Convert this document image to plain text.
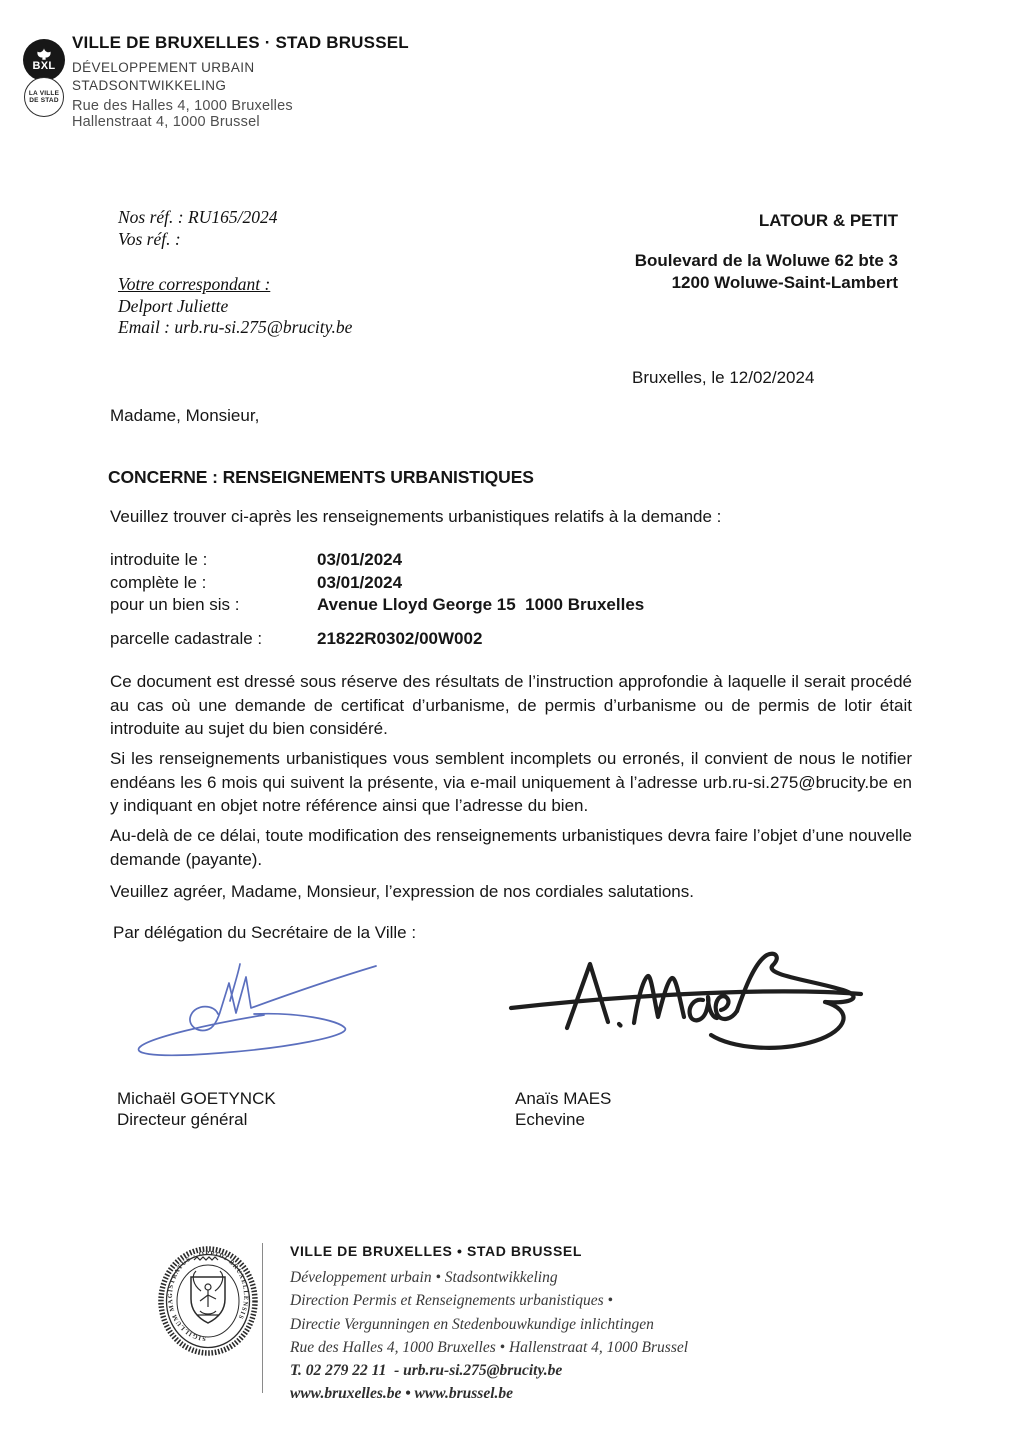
BXL
LA VILLE
DE STAD
VILLE DE BRUXELLES · STAD BRUSSEL
DÉVELOPPEMENT URBAIN
STADSONTWIKKELING
Rue des Halles 4, 1000 Bruxelles
Hallenstraat 4, 1000 Brussel
Nos réf. : RU165/2024
Vos réf. :
Votre correspondant :
Delport Juliette
Email : urb.ru-si.275@brucity.be
LATOUR & PETIT
Boulevard de la Woluwe 62 bte 3
1200 Woluwe-Saint-Lambert
Bruxelles, le 12/02/2024
Madame, Monsieur,
CONCERNE : RENSEIGNEMENTS URBANISTIQUES
Veuillez trouver ci-après les renseignements urbanistiques relatifs à la demande :
introduite le :	03/01/2024
complète le :	03/01/2024
pour un bien sis :	Avenue Lloyd George 15  1000 Bruxelles
parcelle cadastrale :	21822R0302/00W002
Ce document est dressé sous réserve des résultats de l’instruction approfondie à laquelle il serait procédé au cas où une demande de certificat d’urbanisme, de permis d’urbanisme ou de permis de lotir était introduite au sujet du bien considéré.
Si les renseignements urbanistiques vous semblent incomplets ou erronés, il convient de nous le notifier endéans les 6 mois qui suivent la présente, via e-mail uniquement à l’adresse urb.ru-si.275@brucity.be en y indiquant en objet notre référence ainsi que l’adresse du bien.
Au-delà de ce délai, toute modification des renseignements urbanistiques devra faire l’objet d’une nouvelle demande (payante).
Veuillez agréer, Madame, Monsieur, l’expression de nos cordiales salutations.
Par délégation du Secrétaire de la Ville :
Michaël GOETYNCK
Directeur général
Anaïs MAES
Echevine
SIGILLUM MAGISTRATUS · OPPIDI BRUXELLENSIS
VILLE DE BRUXELLES • STAD BRUSSEL
Développement urbain • Stadsontwikkeling
Direction Permis et Renseignements urbanistiques •
Directie Vergunningen en Stedenbouwkundige inlichtingen
Rue des Halles 4, 1000 Bruxelles • Hallenstraat 4, 1000 Brussel
T. 02 279 22 11  - urb.ru-si.275@brucity.be
www.bruxelles.be • www.brussel.be
